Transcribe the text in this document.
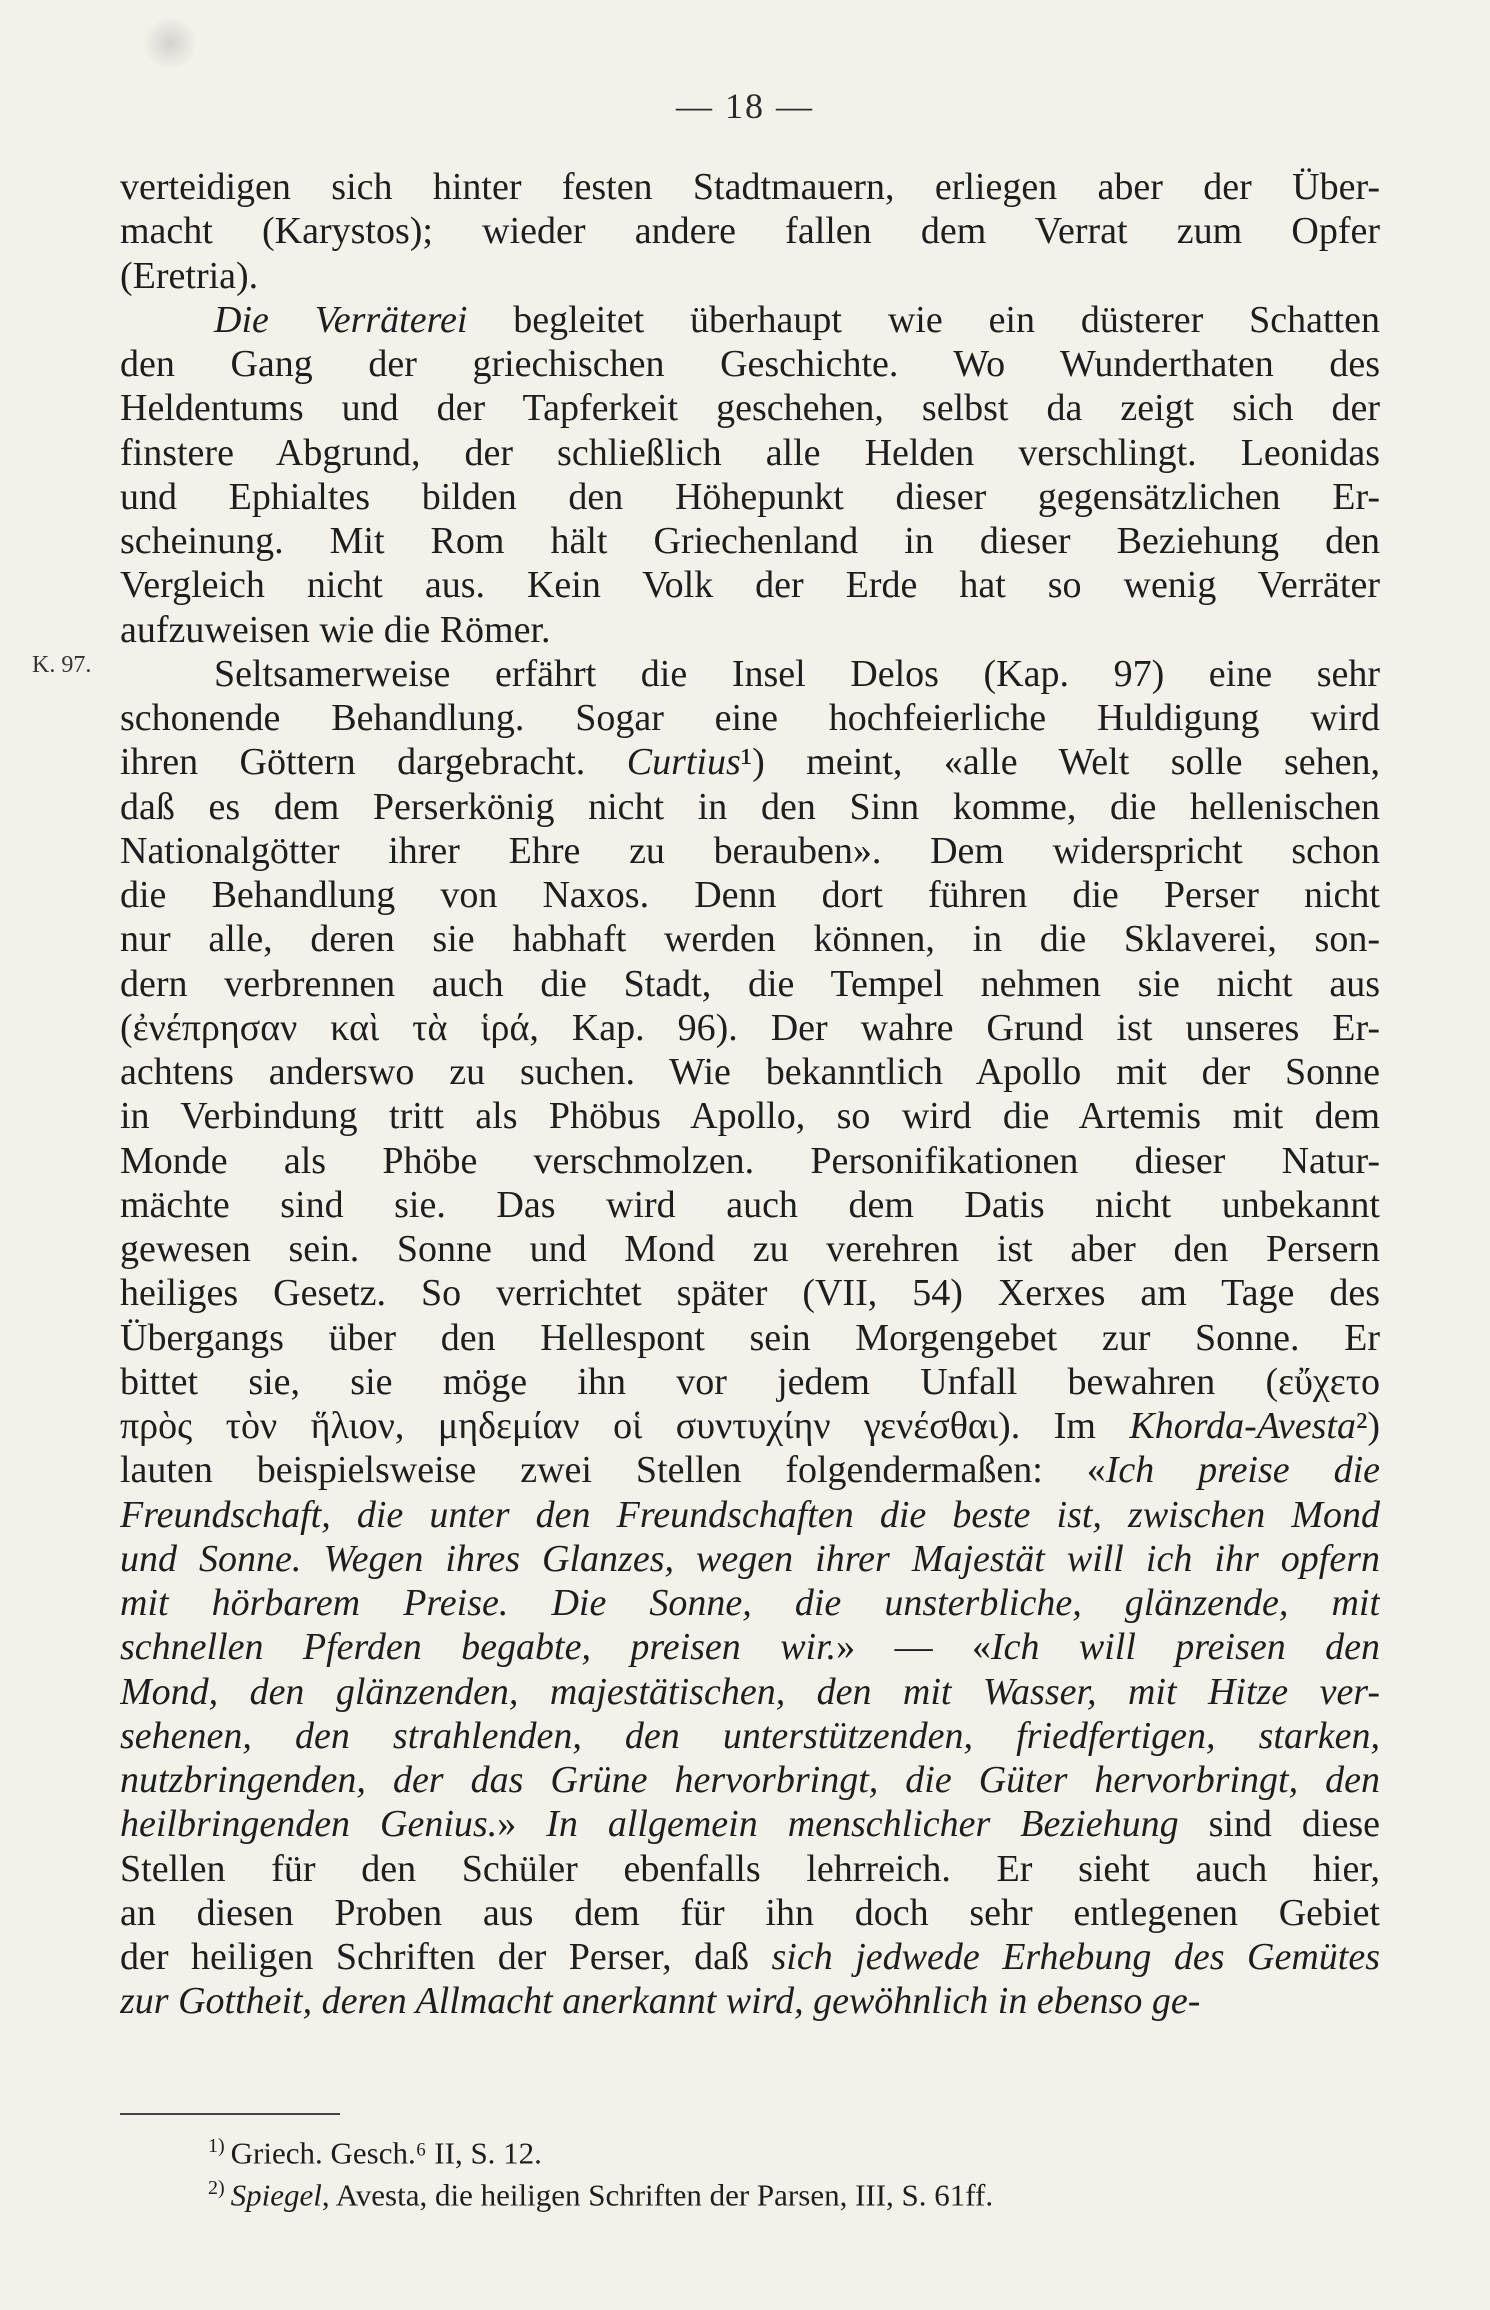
— 18 —
K. 97.
verteidigen sich hinter festen Stadtmauern, erliegen aber der Über-
macht (Karystos); wieder andere fallen dem Verrat zum Opfer
(Eretria).
Die Verräterei begleitet überhaupt wie ein düsterer Schatten
den Gang der griechischen Geschichte. Wo Wunderthaten des
Heldentums und der Tapferkeit geschehen, selbst da zeigt sich der
finstere Abgrund, der schließlich alle Helden verschlingt. Leonidas
und Ephialtes bilden den Höhepunkt dieser gegensätzlichen Er-
scheinung. Mit Rom hält Griechenland in dieser Beziehung den
Vergleich nicht aus. Kein Volk der Erde hat so wenig Verräter
aufzuweisen wie die Römer.
Seltsamerweise erfährt die Insel Delos (Kap. 97) eine sehr
schonende Behandlung. Sogar eine hochfeierliche Huldigung wird
ihren Göttern dargebracht. Curtius¹) meint, «alle Welt solle sehen,
daß es dem Perserkönig nicht in den Sinn komme, die hellenischen
Nationalgötter ihrer Ehre zu berauben». Dem widerspricht schon
die Behandlung von Naxos. Denn dort führen die Perser nicht
nur alle, deren sie habhaft werden können, in die Sklaverei, son-
dern verbrennen auch die Stadt, die Tempel nehmen sie nicht aus
(ἐνέπρησαν καὶ τὰ ἱρά, Kap. 96). Der wahre Grund ist unseres Er-
achtens anderswo zu suchen. Wie bekanntlich Apollo mit der Sonne
in Verbindung tritt als Phöbus Apollo, so wird die Artemis mit dem
Monde als Phöbe verschmolzen. Personifikationen dieser Natur-
mächte sind sie. Das wird auch dem Datis nicht unbekannt
gewesen sein. Sonne und Mond zu verehren ist aber den Persern
heiliges Gesetz. So verrichtet später (VII, 54) Xerxes am Tage des
Übergangs über den Hellespont sein Morgengebet zur Sonne. Er
bittet sie, sie möge ihn vor jedem Unfall bewahren (εὔχετο
πρὸς τὸν ἥλιον, μηδεμίαν οἱ συντυχίην γενέσθαι). Im Khorda-Avesta²)
lauten beispielsweise zwei Stellen folgendermaßen: «Ich preise die
Freundschaft, die unter den Freundschaften die beste ist, zwischen Mond
und Sonne. Wegen ihres Glanzes, wegen ihrer Majestät will ich ihr opfern
mit hörbarem Preise. Die Sonne, die unsterbliche, glänzende, mit
schnellen Pferden begabte, preisen wir.» — «Ich will preisen den
Mond, den glänzenden, majestätischen, den mit Wasser, mit Hitze ver-
sehenen, den strahlenden, den unterstützenden, friedfertigen, starken,
nutzbringenden, der das Grüne hervorbringt, die Güter hervorbringt, den
heilbringenden Genius.» In allgemein menschlicher Beziehung sind diese
Stellen für den Schüler ebenfalls lehrreich. Er sieht auch hier,
an diesen Proben aus dem für ihn doch sehr entlegenen Gebiet
der heiligen Schriften der Perser, daß sich jedwede Erhebung des Gemütes
zur Gottheit, deren Allmacht anerkannt wird, gewöhnlich in ebenso ge-
$^{1)}$ Griech. Gesch.⁶ II, S. 12.
$^{2)}$ Spiegel, Avesta, die heiligen Schriften der Parsen, III, S. 61ff.
